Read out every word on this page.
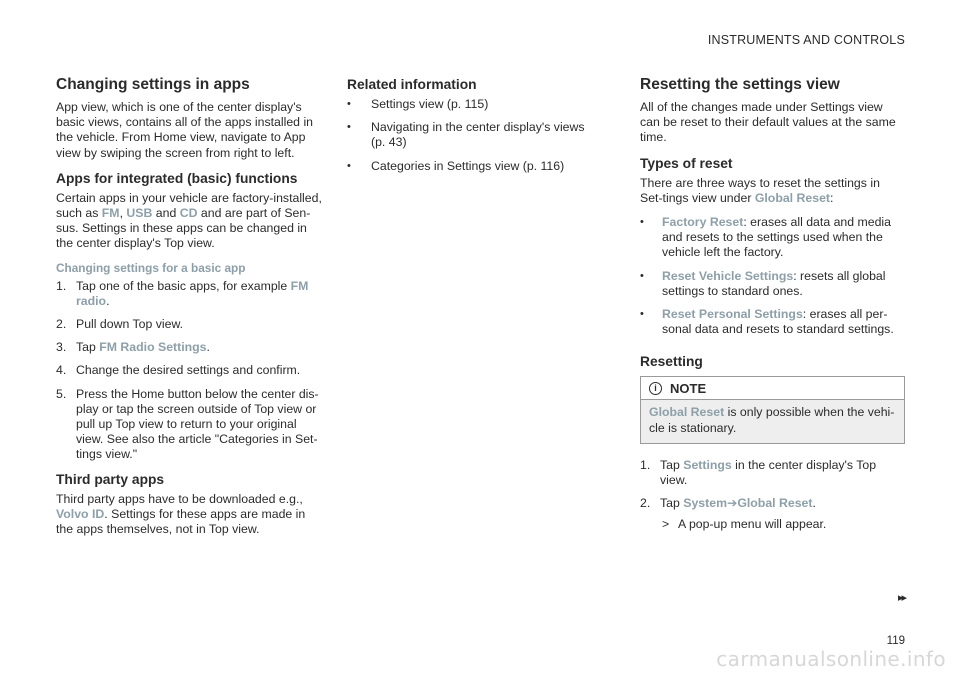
INSTRUMENTS AND CONTROLS
Changing settings in apps

App view, which is one of the center display's basic views, contains all of the apps installed in the vehicle. From Home view, navigate to App view by swiping the screen from right to left.

Apps for integrated (basic) functions

Certain apps in your vehicle are factory-installed, such as FM, USB and CD and are part of Sen-sus. Settings in these apps can be changed in the center display's Top view.

Changing settings for a basic app
1. Tap one of the basic apps, for example FM radio.
2. Pull down Top view.
3. Tap FM Radio Settings.
4. Change the desired settings and confirm.
5. Press the Home button below the center dis-play or tap the screen outside of Top view or pull up Top view to return to your original view. See also the article "Categories in Set-tings view."
Third party apps

Third party apps have to be downloaded e.g., Volvo ID. Settings for these apps are made in the apps themselves, not in Top view.

Related information
• Settings view (p. 115)
• Navigating in the center display's views (p. 43)
• Categories in Settings view (p. 116)
Resetting the settings view

All of the changes made under Settings view can be reset to their default values at the same time.

Types of reset

There are three ways to reset the settings in Set-tings view under Global Reset:

• Factory Reset: erases all data and media and resets to the settings used when the vehicle left the factory.
• Reset Vehicle Settings: resets all global settings to standard ones.
• Reset Personal Settings: erases all per-sonal data and resets to standard settings.
Resetting
i	NOTE
Global Reset is only possible when the vehi-cle is stationary.
1. Tap Settings in the center display's Top view.
2. Tap System➔Global Reset.
> A pop-up menu will appear.
▸▸
119
carmanualsonline.info
